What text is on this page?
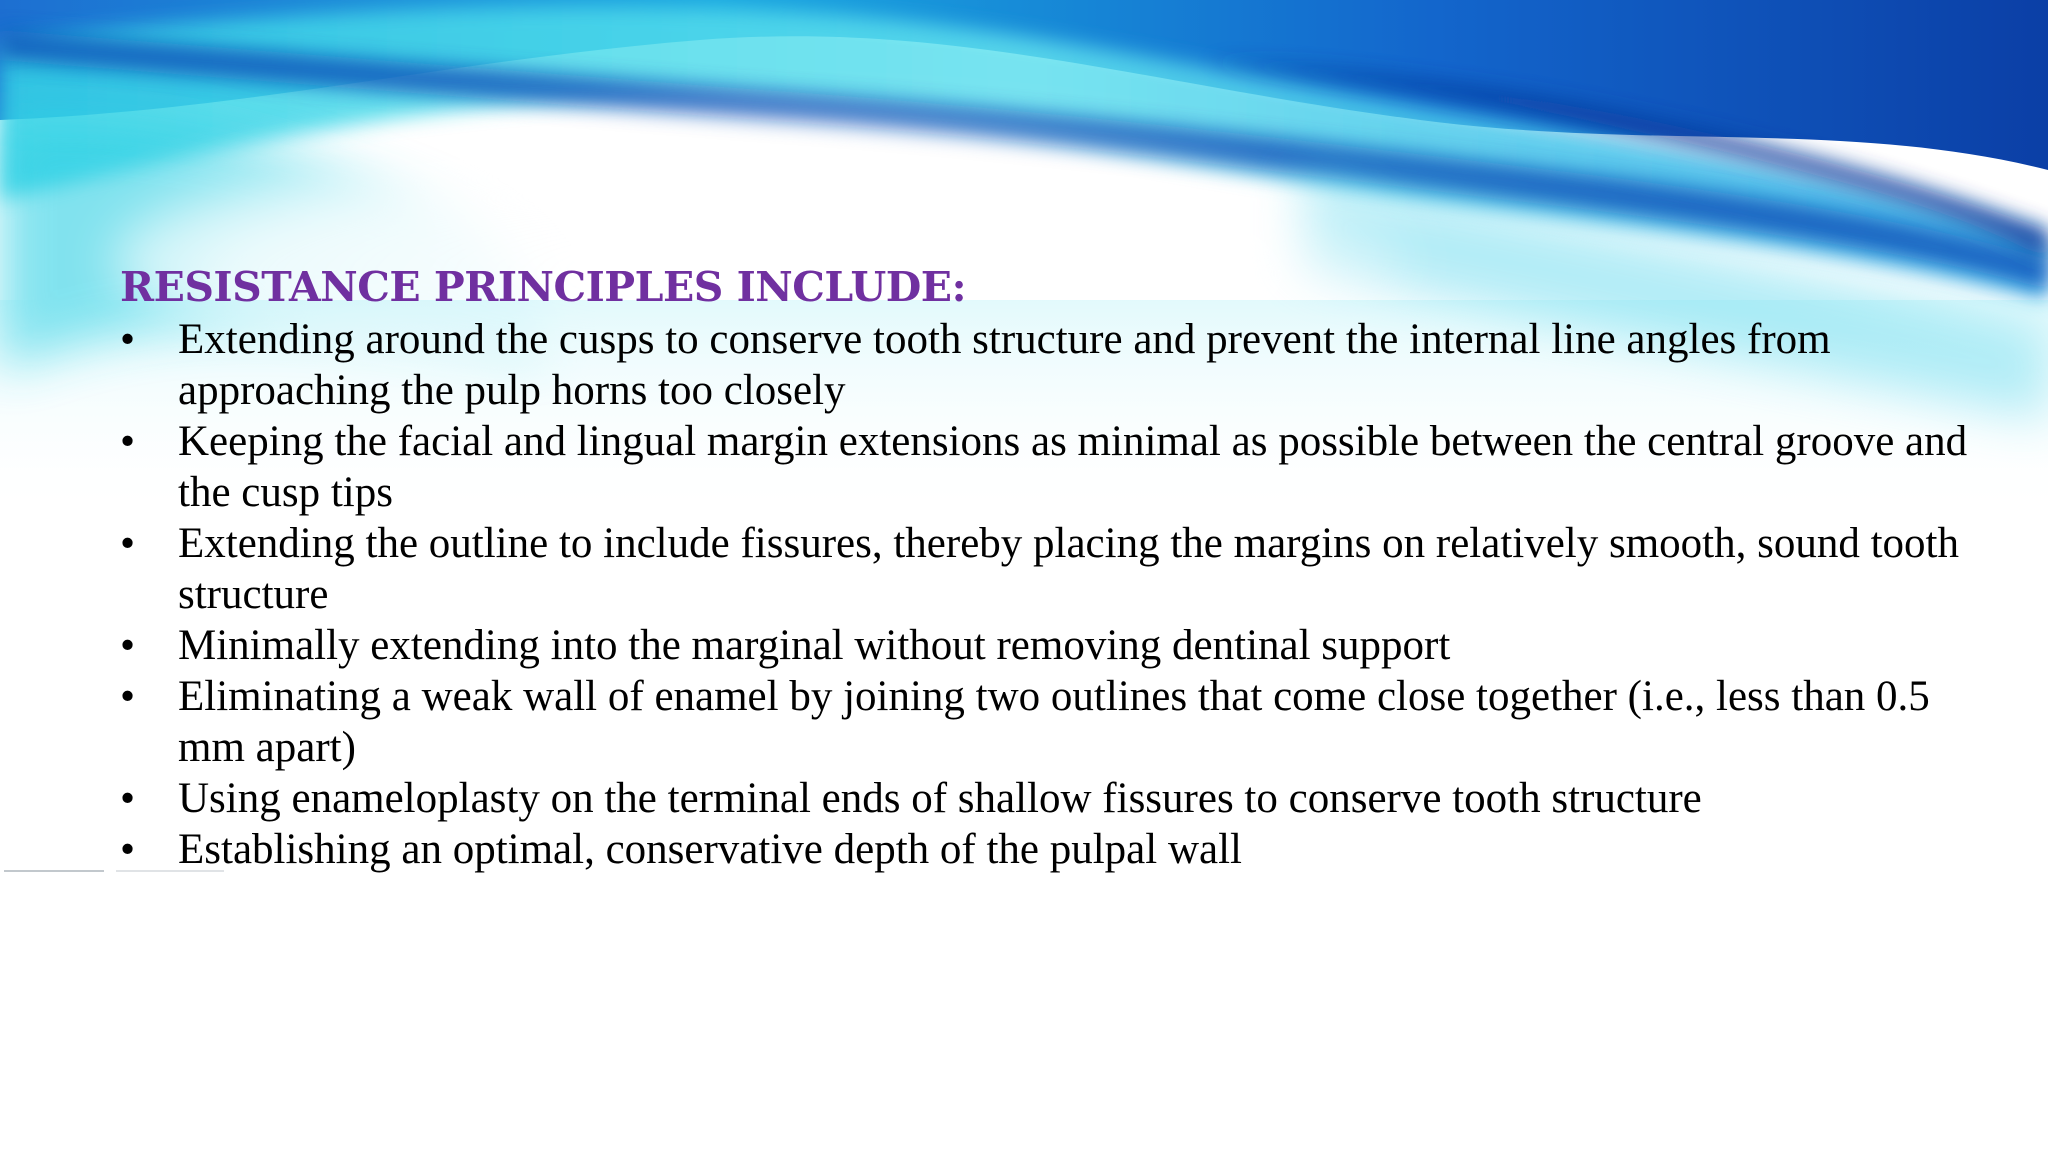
RESISTANCE PRINCIPLES INCLUDE:
• Extending around the cusps to conserve tooth structure and prevent the internal line angles from approaching the pulp horns too closely
• Keeping the facial and lingual margin extensions as minimal as possible between the central groove and the cusp tips
• Extending the outline to include fissures, thereby placing the margins on relatively smooth, sound tooth structure
• Minimally extending into the marginal without removing dentinal support
• Eliminating a weak wall of enamel by joining two outlines that come close together (i.e., less than 0.5 mm apart)
• Using enameloplasty on the terminal ends of shallow fissures to conserve tooth structure
• Establishing an optimal, conservative depth of the pulpal wall
